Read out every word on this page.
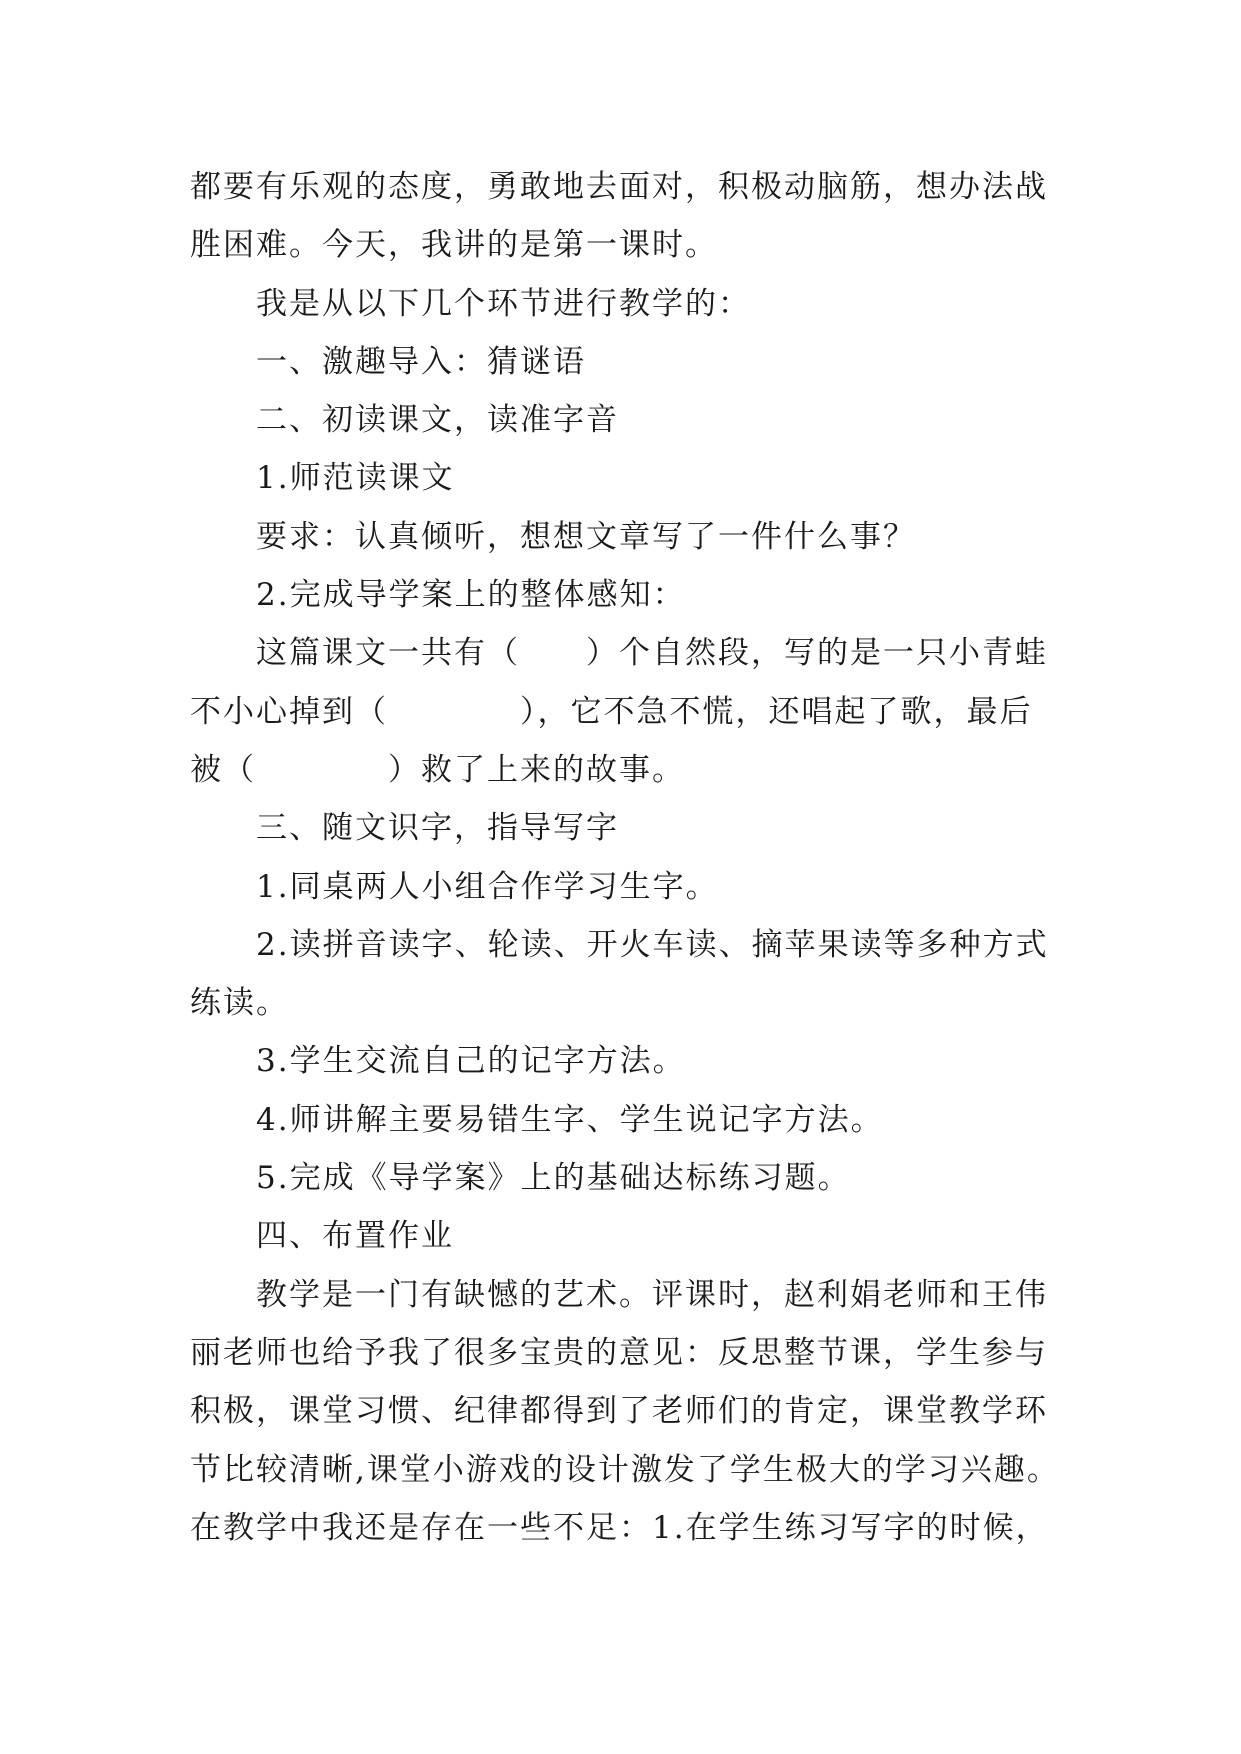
都要有乐观的态度，勇敢地去面对，积极动脑筋，想办法战
胜困难。今天，我讲的是第一课时。
我是从以下几个环节进行教学的：
一、激趣导入：猜谜语
二、初读课文，读准字音
1.师范读课文
要求：认真倾听，想想文章写了一件什么事？
2.完成导学案上的整体感知：
这篇课文一共有（　　）个自然段，写的是一只小青蛙
不小心掉到（　　　　），它不急不慌，还唱起了歌，最后
被（　　　　）救了上来的故事。
三、随文识字，指导写字
1.同桌两人小组合作学习生字。
2.读拼音读字、轮读、开火车读、摘苹果读等多种方式
练读。
3.学生交流自己的记字方法。
4.师讲解主要易错生字、学生说记字方法。
5.完成《导学案》上的基础达标练习题。
四、布置作业
教学是一门有缺憾的艺术。评课时，赵利娟老师和王伟
丽老师也给予我了很多宝贵的意见：反思整节课，学生参与
积极，课堂习惯、纪律都得到了老师们的肯定，课堂教学环
节比较清晰,课堂小游戏的设计激发了学生极大的学习兴趣。
在教学中我还是存在一些不足：1.在学生练习写字的时候，
